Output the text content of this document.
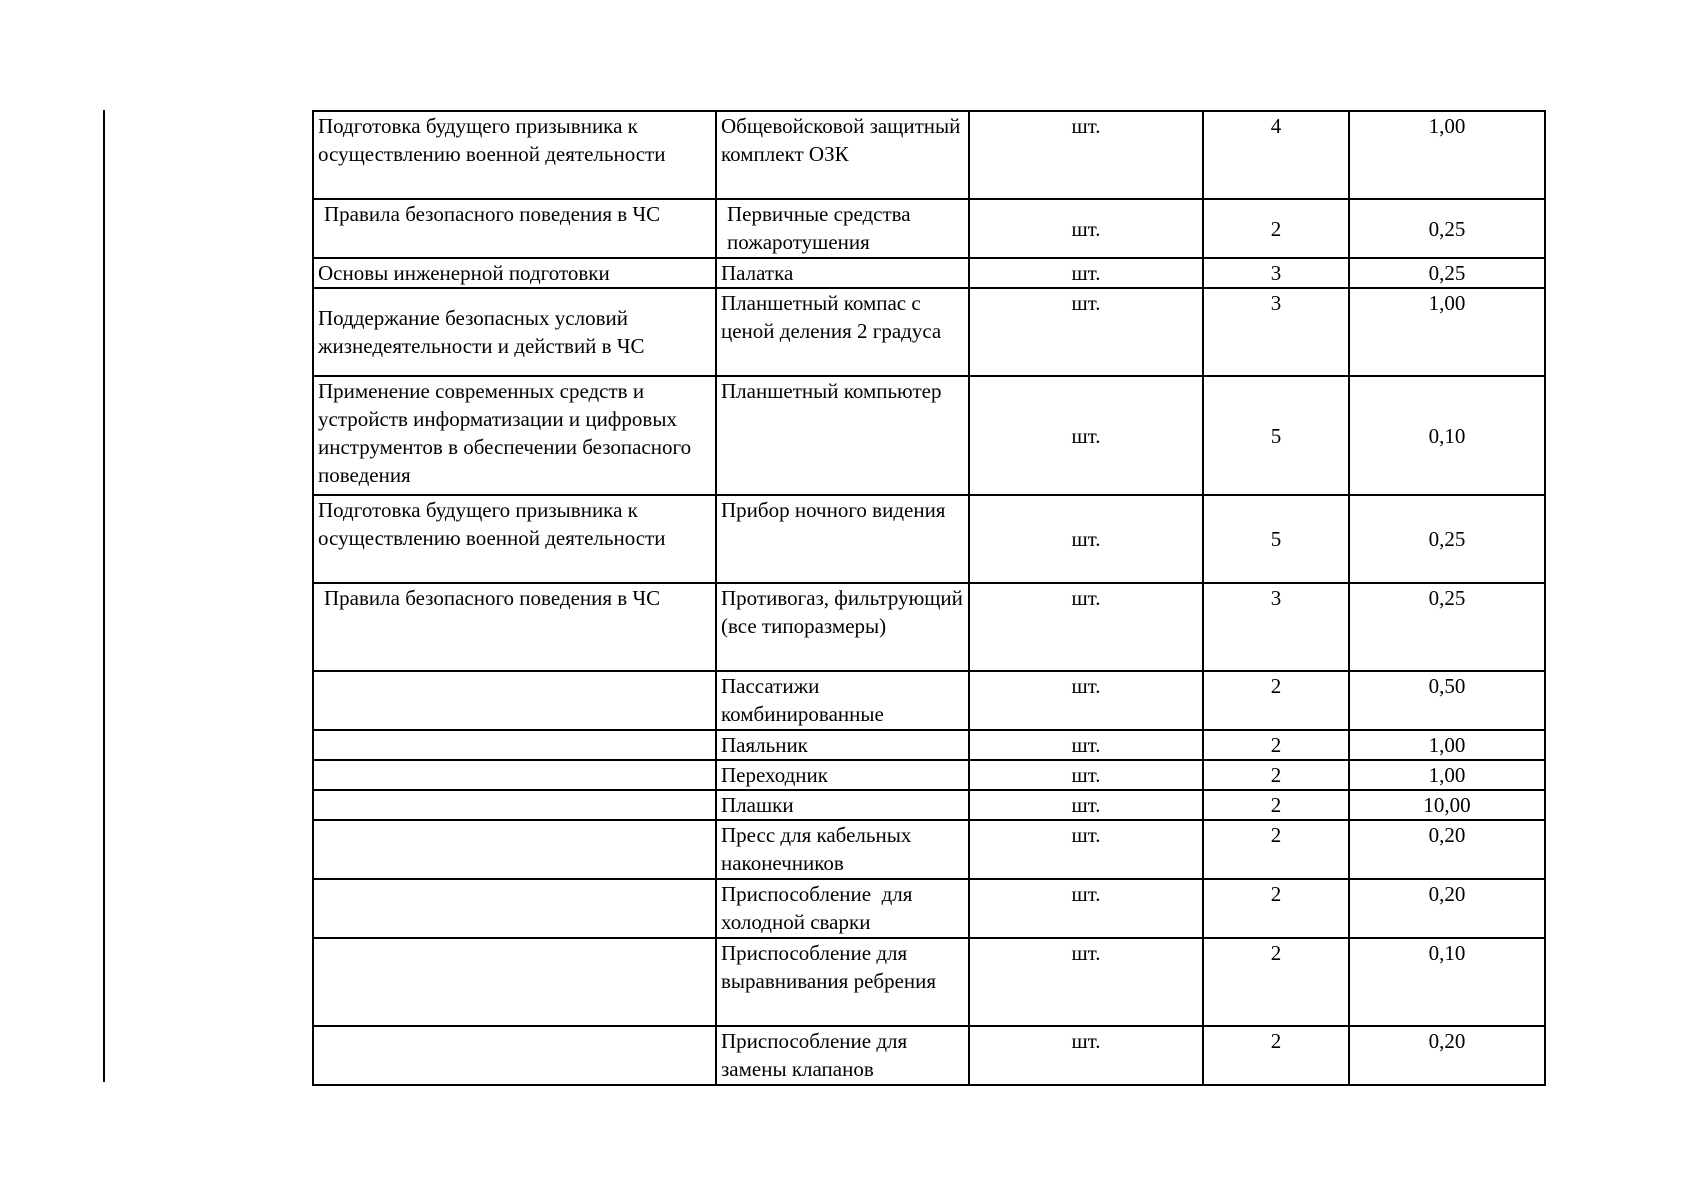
Подготовка будущего призывника к осуществлению военной деятельности	Общевойсковой защитный комплект ОЗК	шт.	4	1,00
Правила безопасного поведения в ЧС	Первичные средства пожаротушения	шт.	2	0,25
Основы инженерной подготовки	Палатка	шт.	3	0,25
Поддержание безопасных условий жизнедеятельности и действий в ЧС	Планшетный компас с ценой деления 2 градуса	шт.	3	1,00
Применение современных средств и устройств информатизации и цифровых инструментов в обеспечении безопасного поведения	Планшетный компьютер	шт.	5	0,10
Подготовка будущего призывника к осуществлению военной деятельности	Прибор ночного видения	шт.	5	0,25
Правила безопасного поведения в ЧС	Противогаз, фильтрующий (все типоразмеры)	шт.	3	0,25
	Пассатижи комбинированные	шт.	2	0,50
	Паяльник	шт.	2	1,00
	Переходник	шт.	2	1,00
	Плашки	шт.	2	10,00
	Пресс для кабельных наконечников	шт.	2	0,20
	Приспособление  для холодной сварки	шт.	2	0,20
	Приспособление для выравнивания ребрения	шт.	2	0,10
	Приспособление для замены клапанов	шт.	2	0,20
